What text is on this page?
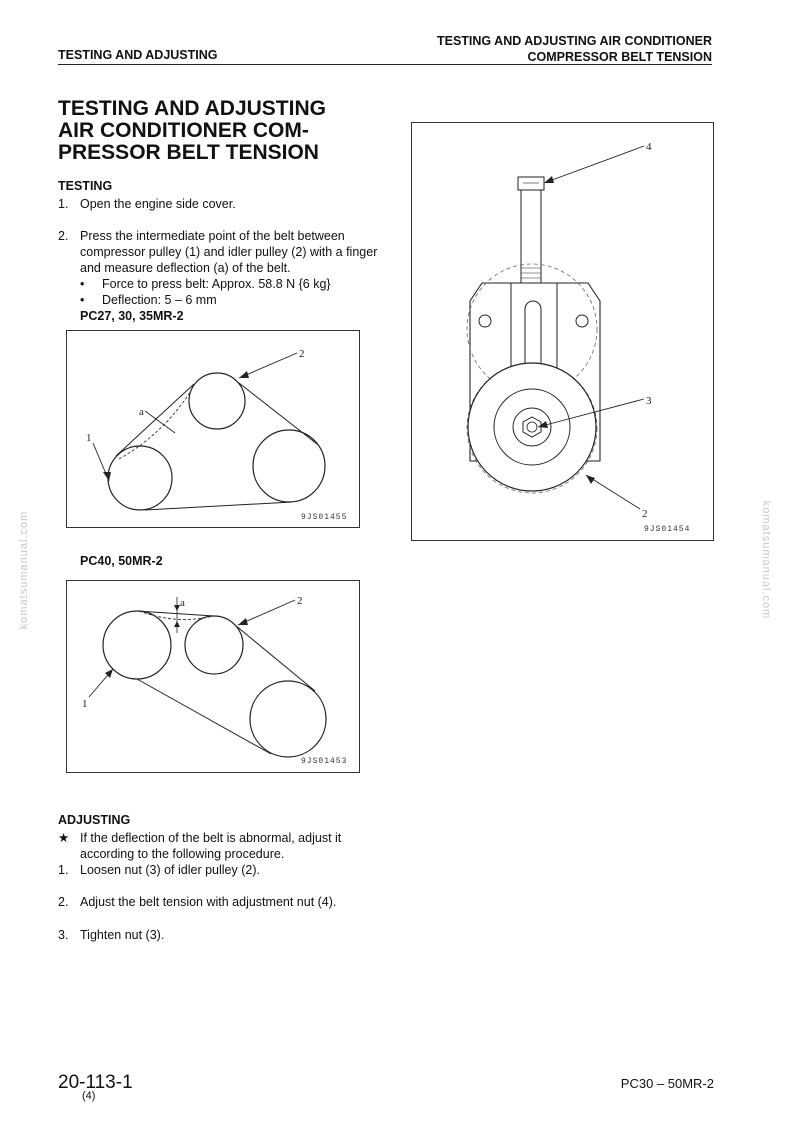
TESTING AND ADJUSTING
TESTING AND ADJUSTING AIR CONDITIONER
COMPRESSOR BELT TENSION
TESTING AND ADJUSTING
AIR CONDITIONER COM-
PRESSOR BELT TENSION
TESTING
1. Open the engine side cover.
2. Press the intermediate point of the belt between compressor pulley (1) and idler pulley (2) with a finger and measure deflection (a) of the belt.
• Force to press belt: Approx. 58.8 N {6 kg}
• Deflection: 5 – 6 mm
PC27, 30, 35MR-2
a
2
1
9JS01455
PC40, 50MR-2
a	2
1
9JS01453
4
3
2
9JS01454
ADJUSTING
★ If the deflection of the belt is abnormal, adjust it according to the following procedure.
1. Loosen nut (3) of idler pulley (2).
2. Adjust the belt tension with adjustment nut (4).
3. Tighten nut (3).
komatsumanual.com	komatsumanual.com
20-113-1
(4)
PC30 – 50MR-2
